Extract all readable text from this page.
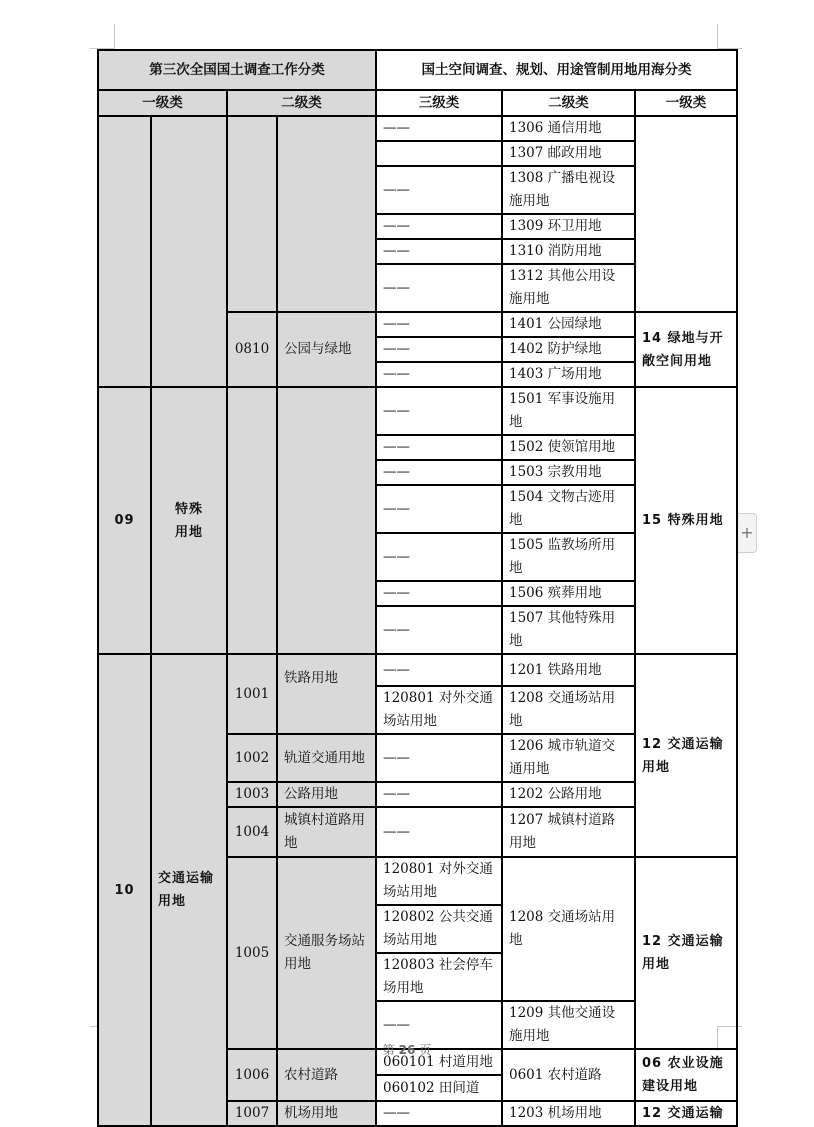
第三次全国国土调查工作分类				国土空间调查、规划、用途管制用地用海分类		
一级类		二级类		三级类	二级类	一级类
				——	1306 通信用地	
					1307 邮政用地	
				——	1308 广播电视设施用地	
				——	1309 环卫用地	
				——	1310 消防用地	
				——	1312 其他公用设施用地	
		0810	公园与绿地	——	1401 公园绿地	14 绿地与开敞空间用地
				——	1402 防护绿地	
				——	1403 广场用地	
09	特殊用地			——	1501 军事设施用地	15 特殊用地
				——	1502 使领馆用地	
				——	1503 宗教用地	
				——	1504 文物古迹用地	
				——	1505 监教场所用地	
				——	1506 殡葬用地	
				——	1507 其他特殊用地	
10	交通运输用地	1001	铁路用地	——	1201 铁路用地	12 交通运输用地
				120801 对外交通场站用地	1208 交通场站用地	
		1002	轨道交通用地	——	1206 城市轨道交通用地	
		1003	公路用地	——	1202 公路用地	
		1004	城镇村道路用地	——	1207 城镇村道路用地	
		1005	交通服务场站用地	120801 对外交通场站用地	1208 交通场站用地	12 交通运输用地
				120802 公共交通场站用地		
				120803 社会停车场用地		
				——	1209 其他交通设施用地	
		1006	农村道路	060101 村道用地	0601 农村道路	06 农业设施建设用地
				060102 田间道		
		1007	机场用地	——	1203 机场用地	12 交通运输
+
第 26 页
